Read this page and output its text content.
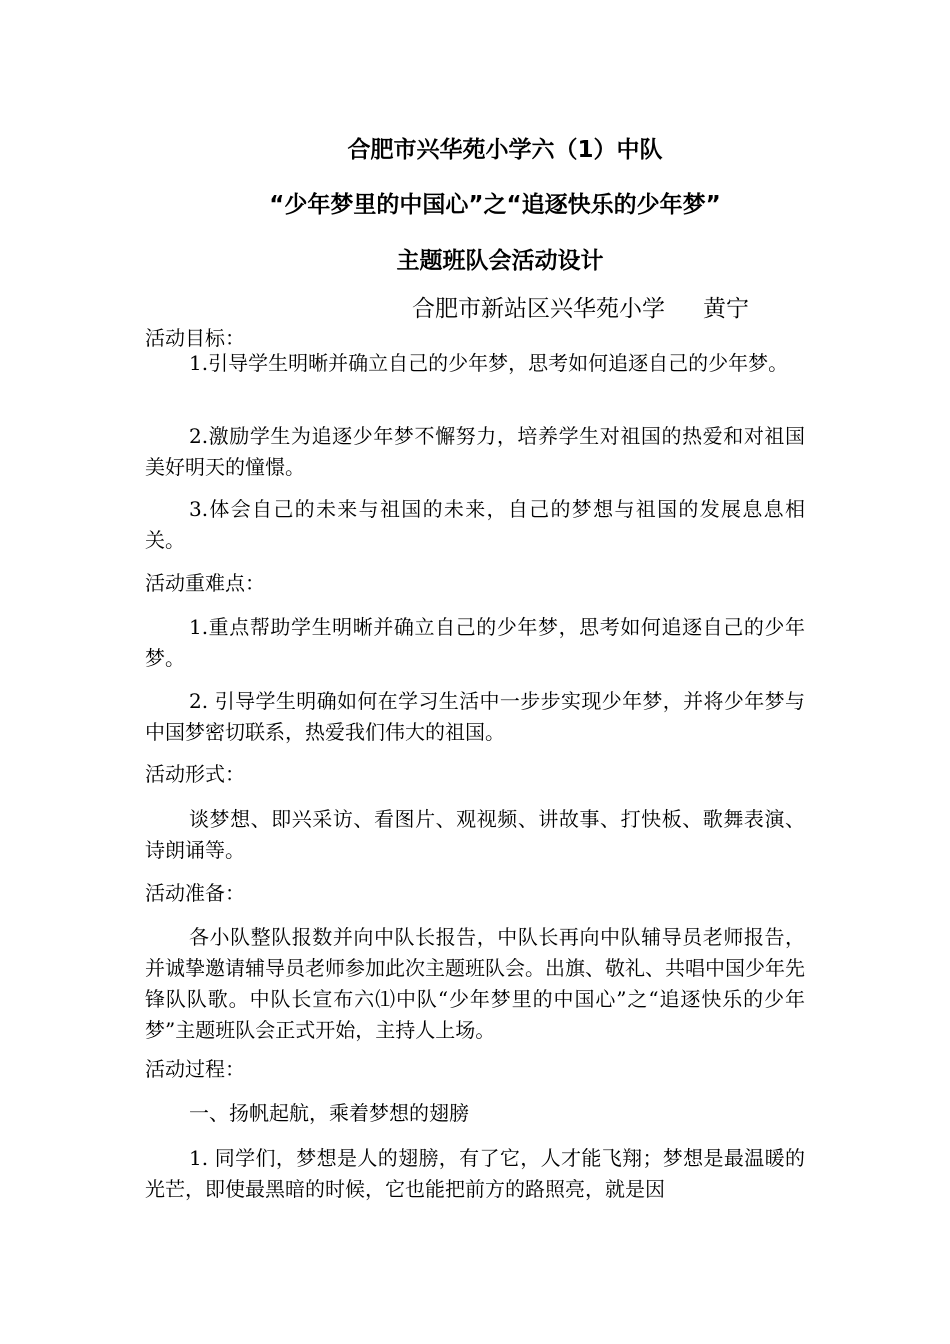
合肥市兴华苑小学六（1）中队
“少年梦里的中国心”之“追逐快乐的少年梦”
主题班队会活动设计
合肥市新站区兴华苑小学 黄宁
活动目标：

1.引导学生明晰并确立自己的少年梦，思考如何追逐自己的少年梦。

2.激励学生为追逐少年梦不懈努力，培养学生对祖国的热爱和对祖国美好明天的憧憬。

3.体会自己的未来与祖国的未来，自己的梦想与祖国的发展息息相关。

活动重难点：

1.重点帮助学生明晰并确立自己的少年梦，思考如何追逐自己的少年梦。

2. 引导学生明确如何在学习生活中一步步实现少年梦，并将少年梦与中国梦密切联系，热爱我们伟大的祖国。

活动形式：

谈梦想、即兴采访、看图片、观视频、讲故事、打快板、歌舞表演、诗朗诵等。

活动准备：

各小队整队报数并向中队长报告，中队长再向中队辅导员老师报告，并诚挚邀请辅导员老师参加此次主题班队会。出旗、敬礼、共唱中国少年先锋队队歌。中队长宣布六⑴中队“少年梦里的中国心”之“追逐快乐的少年梦”主题班队会正式开始，主持人上场。

活动过程：

一、扬帆起航，乘着梦想的翅膀

1. 同学们，梦想是人的翅膀，有了它，人才能飞翔；梦想是最温暖的光芒，即使最黑暗的时候，它也能把前方的路照亮，就是因
